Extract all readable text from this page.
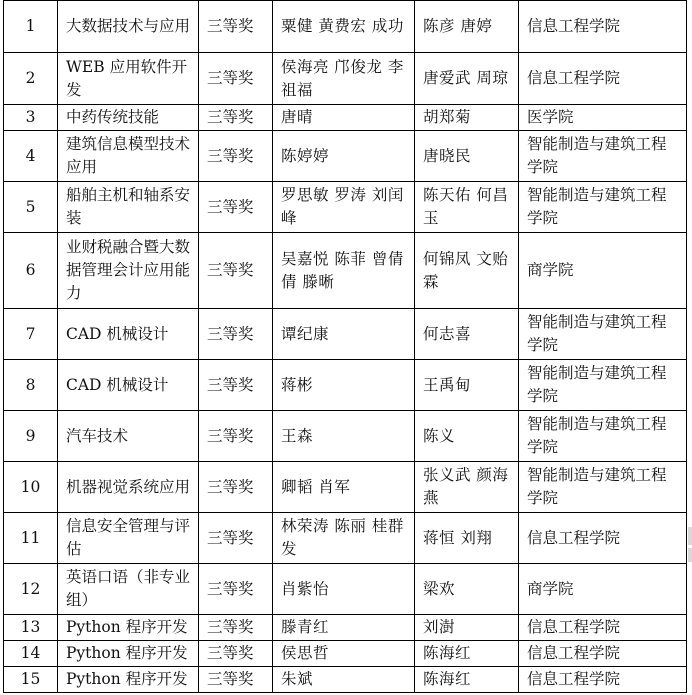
1	大数据技术与应用	三等奖	粟健 黄费宏 成功	陈彦 唐婷	信息工程学院
2	WEB 应用软件开发	三等奖	侯海亮 邝俊龙 李祖福	唐爱武 周琼	信息工程学院
3	中药传统技能	三等奖	唐晴	胡郑菊	医学院
4	建筑信息模型技术应用	三等奖	陈婷婷	唐晓民	智能制造与建筑工程学院
5	船舶主机和轴系安装	三等奖	罗思敏 罗涛 刘闰峰	陈天佑 何昌玉	智能制造与建筑工程学院
6	业财税融合暨大数据管理会计应用能力	三等奖	吴嘉悦 陈菲 曾倩倩 滕晰	何锦凤 文贻霖	商学院
7	CAD 机械设计	三等奖	谭纪康	何志喜	智能制造与建筑工程学院
8	CAD 机械设计	三等奖	蒋彬	王禹甸	智能制造与建筑工程学院
9	汽车技术	三等奖	王森	陈义	智能制造与建筑工程学院
10	机器视觉系统应用	三等奖	卿韬 肖军	张义武 颜海燕	智能制造与建筑工程学院
11	信息安全管理与评估	三等奖	林荣涛 陈丽 桂群发	蒋恒 刘翔	信息工程学院
12	英语口语（非专业组）	三等奖	肖紫怡	梁欢	商学院
13	Python 程序开发	三等奖	滕青红	刘澍	信息工程学院
14	Python 程序开发	三等奖	侯思哲	陈海红	信息工程学院
15	Python 程序开发	三等奖	朱斌	陈海红	信息工程学院
